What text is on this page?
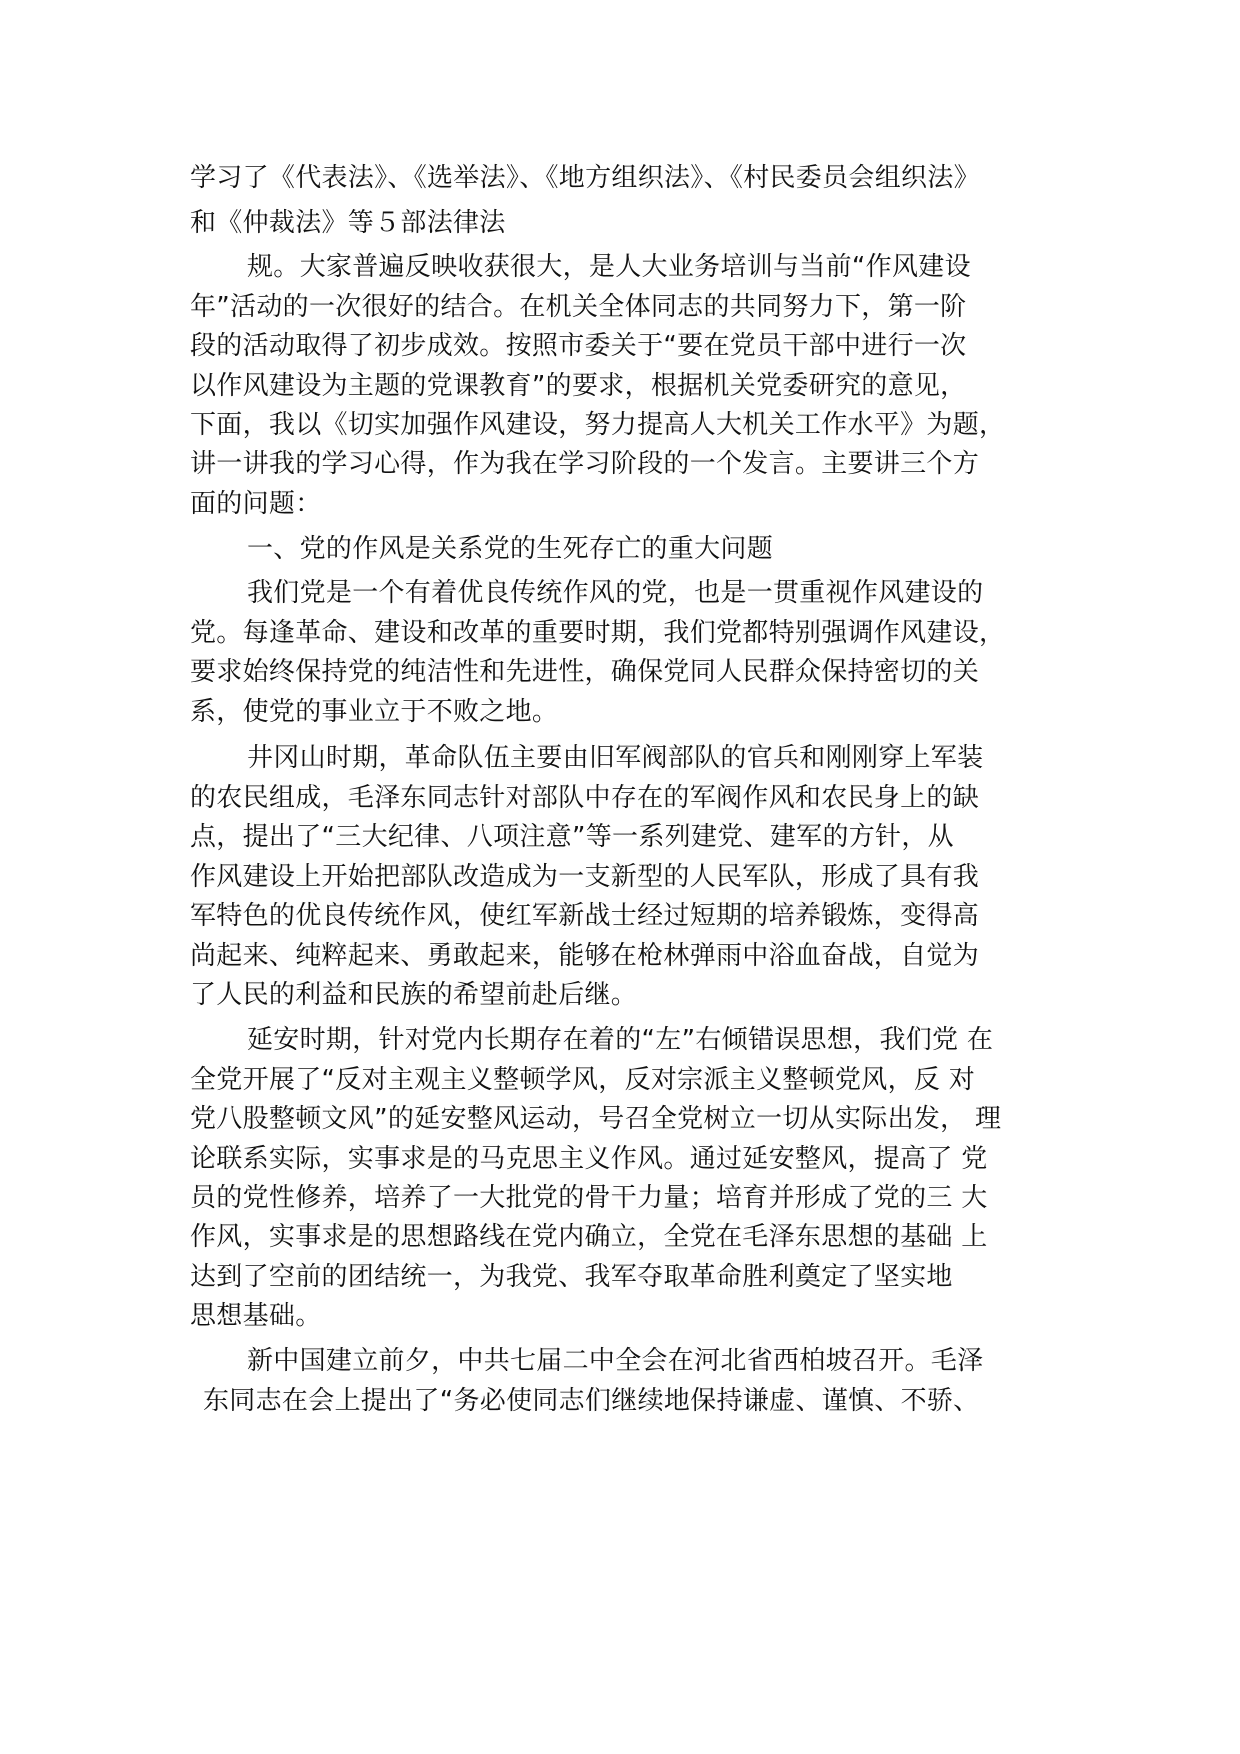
学习了《代表法》、《选举法》、《地方组织法》、《村民委员会组织法》
和《仲裁法》等５部法律法
规。大家普遍反映收获很大，是人大业务培训与当前“作风建设
年”活动的一次很好的结合。在机关全体同志的共同努力下，第一阶
段的活动取得了初步成效。按照市委关于“要在党员干部中进行一次
以作风建设为主题的党课教育”的要求，根据机关党委研究的意见，
下面，我以《切实加强作风建设，努力提高人大机关工作水平》为题，
讲一讲我的学习心得，作为我在学习阶段的一个发言。主要讲三个方
面的问题：
一、党的作风是关系党的生死存亡的重大问题
我们党是一个有着优良传统作风的党，也是一贯重视作风建设的
党。每逢革命、建设和改革的重要时期，我们党都特别强调作风建设，
要求始终保持党的纯洁性和先进性，确保党同人民群众保持密切的关
系，使党的事业立于不败之地。
井冈山时期，革命队伍主要由旧军阀部队的官兵和刚刚穿上军装
的农民组成，毛泽东同志针对部队中存在的军阀作风和农民身上的缺
点，提出了“三大纪律、八项注意”等一系列建党、建军的方针，从
作风建设上开始把部队改造成为一支新型的人民军队，形成了具有我
军特色的优良传统作风，使红军新战士经过短期的培养锻炼，变得高
尚起来、纯粹起来、勇敢起来，能够在枪林弹雨中浴血奋战，自觉为
了人民的利益和民族的希望前赴后继。
延安时期，针对党内长期存在着的“左”右倾错误思想，我们党 在
全党开展了“反对主观主义整顿学风，反对宗派主义整顿党风，反 对
党八股整顿文风”的延安整风运动，号召全党树立一切从实际出发， 理
论联系实际，实事求是的马克思主义作风。通过延安整风，提高了 党
员的党性修养，培养了一大批党的骨干力量；培育并形成了党的三 大
作风，实事求是的思想路线在党内确立，全党在毛泽东思想的基础 上
达到了空前的团结统一，为我党、我军夺取革命胜利奠定了坚实地
思想基础。
新中国建立前夕，中共七届二中全会在河北省西柏坡召开。毛泽
东同志在会上提出了“务必使同志们继续地保持谦虚、谨慎、不骄、
